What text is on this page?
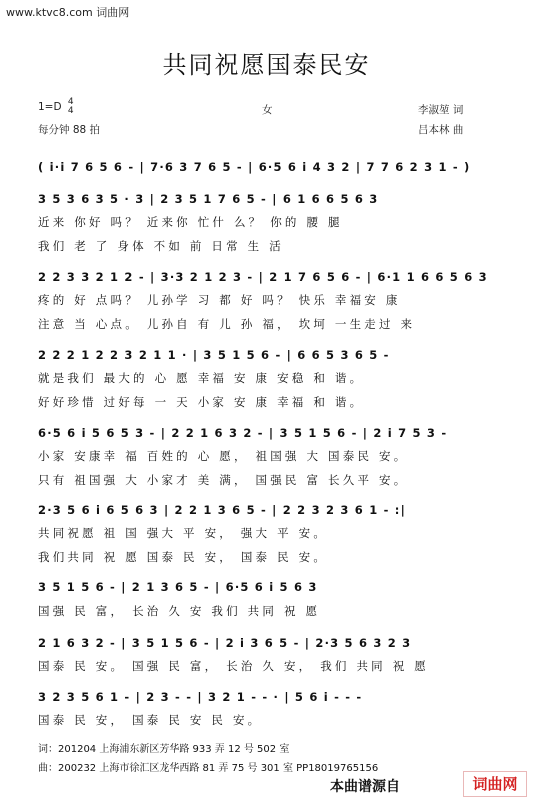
www.ktvc8.com 词曲网
共同祝愿国泰民安
1=D 4
4
每分钟 88 拍
女	李淑堃 词
吕本林 曲
( i·i 7 6 5 6 - | 7·6 3 7 6 5 - | 6·5 6 i 4 3 2 | 7 7 6 2 3 1 - )
3 5 3 6 3 5 · 3 | 2 3 5 1 7 6 5 - | 6 1 6 6 5 6 3
近来 你好 吗？ 近来你 忙什 么？ 你的 腰 腿
我们 老 了 身体 不如 前 日常 生 活
2 2 3 3 2 1 2 - | 3·3 2 1 2 3 - | 2 1 7 6 5 6 - | 6·1 1 6 6 5 6 3
疼的 好 点吗？ 儿孙学 习 都 好 吗？ 快乐 幸福安 康
注意 当 心点。 儿孙自 有 儿 孙 福， 坎坷 一生走过 来
2 2 2 1 2 2 3 2 1 1 · | 3 5 1 5 6 - | 6 6 5 3 6 5 -
就是我们 最大的 心 愿 幸福 安 康 安稳 和 谐。
好好珍惜 过好每 一 天 小家 安 康 幸福 和 谐。
6·5 6 i 5 6 5 3 - | 2 2 1 6 3 2 - | 3 5 1 5 6 - | 2 i 7 5 3 -
小家 安康幸 福 百姓的 心 愿， 祖国强 大 国泰民 安。
只有 祖国强 大 小家才 美 满， 国强民 富 长久平 安。
2·3 5 6 i 6 5 6 3 | 2 2 1 3 6 5 - | 2 2 3 2 3 6 1 - :|
共同祝愿 祖 国 强大 平 安， 强大 平 安。
我们共同 祝 愿 国泰 民 安， 国泰 民 安。
3 5 1 5 6 - | 2 1 3 6 5 - | 6·5 6 i 5 6 3
国强 民 富， 长治 久 安 我们 共同 祝 愿
2 1 6 3 2 - | 3 5 1 5 6 - | 2 i 3 6 5 - | 2·3 5 6 3 2 3
国泰 民 安。 国强 民 富， 长治 久 安， 我们 共同 祝 愿
3 2 3 5 6 1 - | 2 3 - - | 3 2 1 - - · | 5 6 i - - -
国泰 民 安， 国泰 民 安 民 安。
词：201204 上海浦东新区芳华路 933 弄 12 号 502 室
曲：200232 上海市徐汇区龙华西路 81 弄 75 号 301 室 PP18019765156
本曲谱源自	词曲网
